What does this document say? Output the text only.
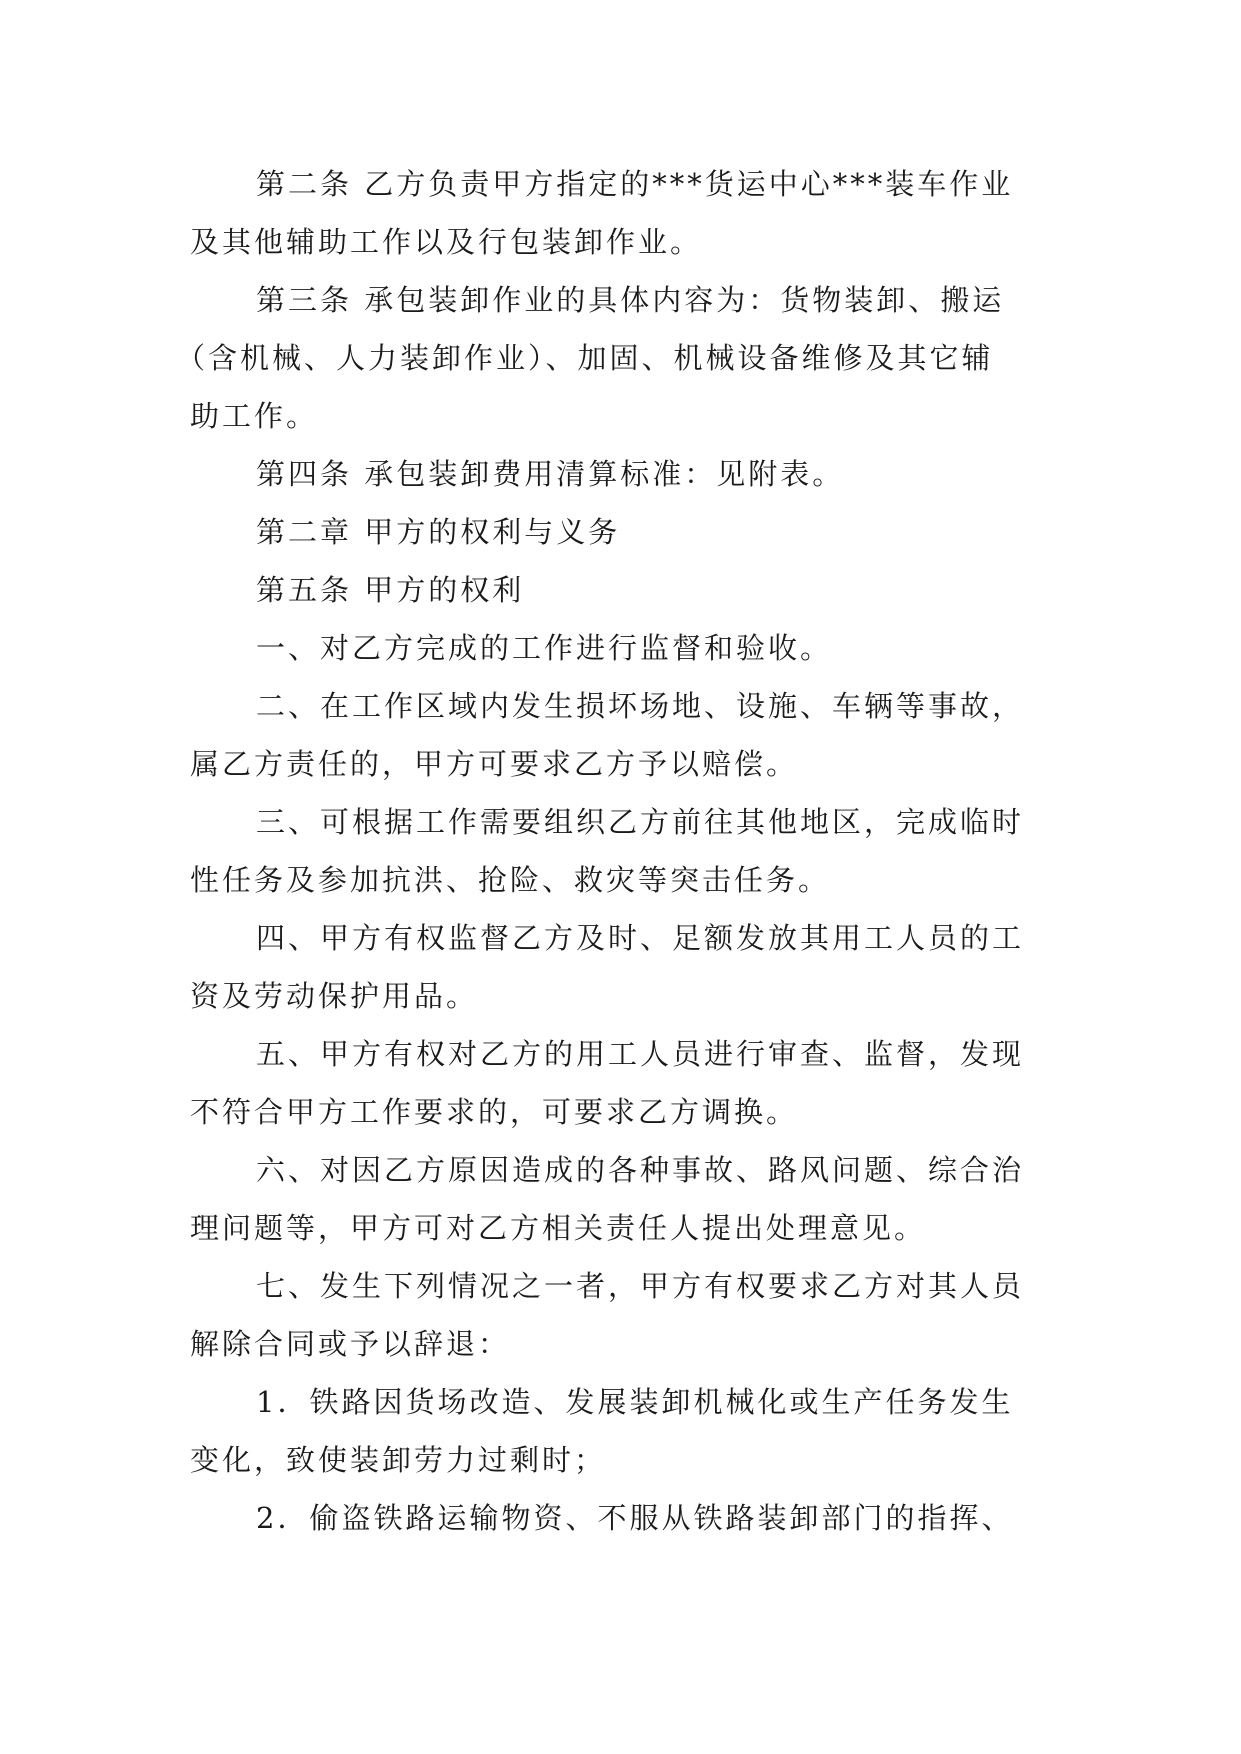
第二条 乙方负责甲方指定的***货运中心***装车作业
及其他辅助工作以及行包装卸作业。
第三条 承包装卸作业的具体内容为：货物装卸、搬运
（含机械、人力装卸作业）、加固、机械设备维修及其它辅
助工作。
第四条 承包装卸费用清算标准：见附表。
第二章 甲方的权利与义务
第五条 甲方的权利
一、对乙方完成的工作进行监督和验收。
二、在工作区域内发生损坏场地、设施、车辆等事故，
属乙方责任的，甲方可要求乙方予以赔偿。
三、可根据工作需要组织乙方前往其他地区，完成临时
性任务及参加抗洪、抢险、救灾等突击任务。
四、甲方有权监督乙方及时、足额发放其用工人员的工
资及劳动保护用品。
五、甲方有权对乙方的用工人员进行审查、监督，发现
不符合甲方工作要求的，可要求乙方调换。
六、对因乙方原因造成的各种事故、路风问题、综合治
理问题等，甲方可对乙方相关责任人提出处理意见。
七、发生下列情况之一者，甲方有权要求乙方对其人员
解除合同或予以辞退：
1．铁路因货场改造、发展装卸机械化或生产任务发生
变化，致使装卸劳力过剩时；
2．偷盗铁路运输物资、不服从铁路装卸部门的指挥、
